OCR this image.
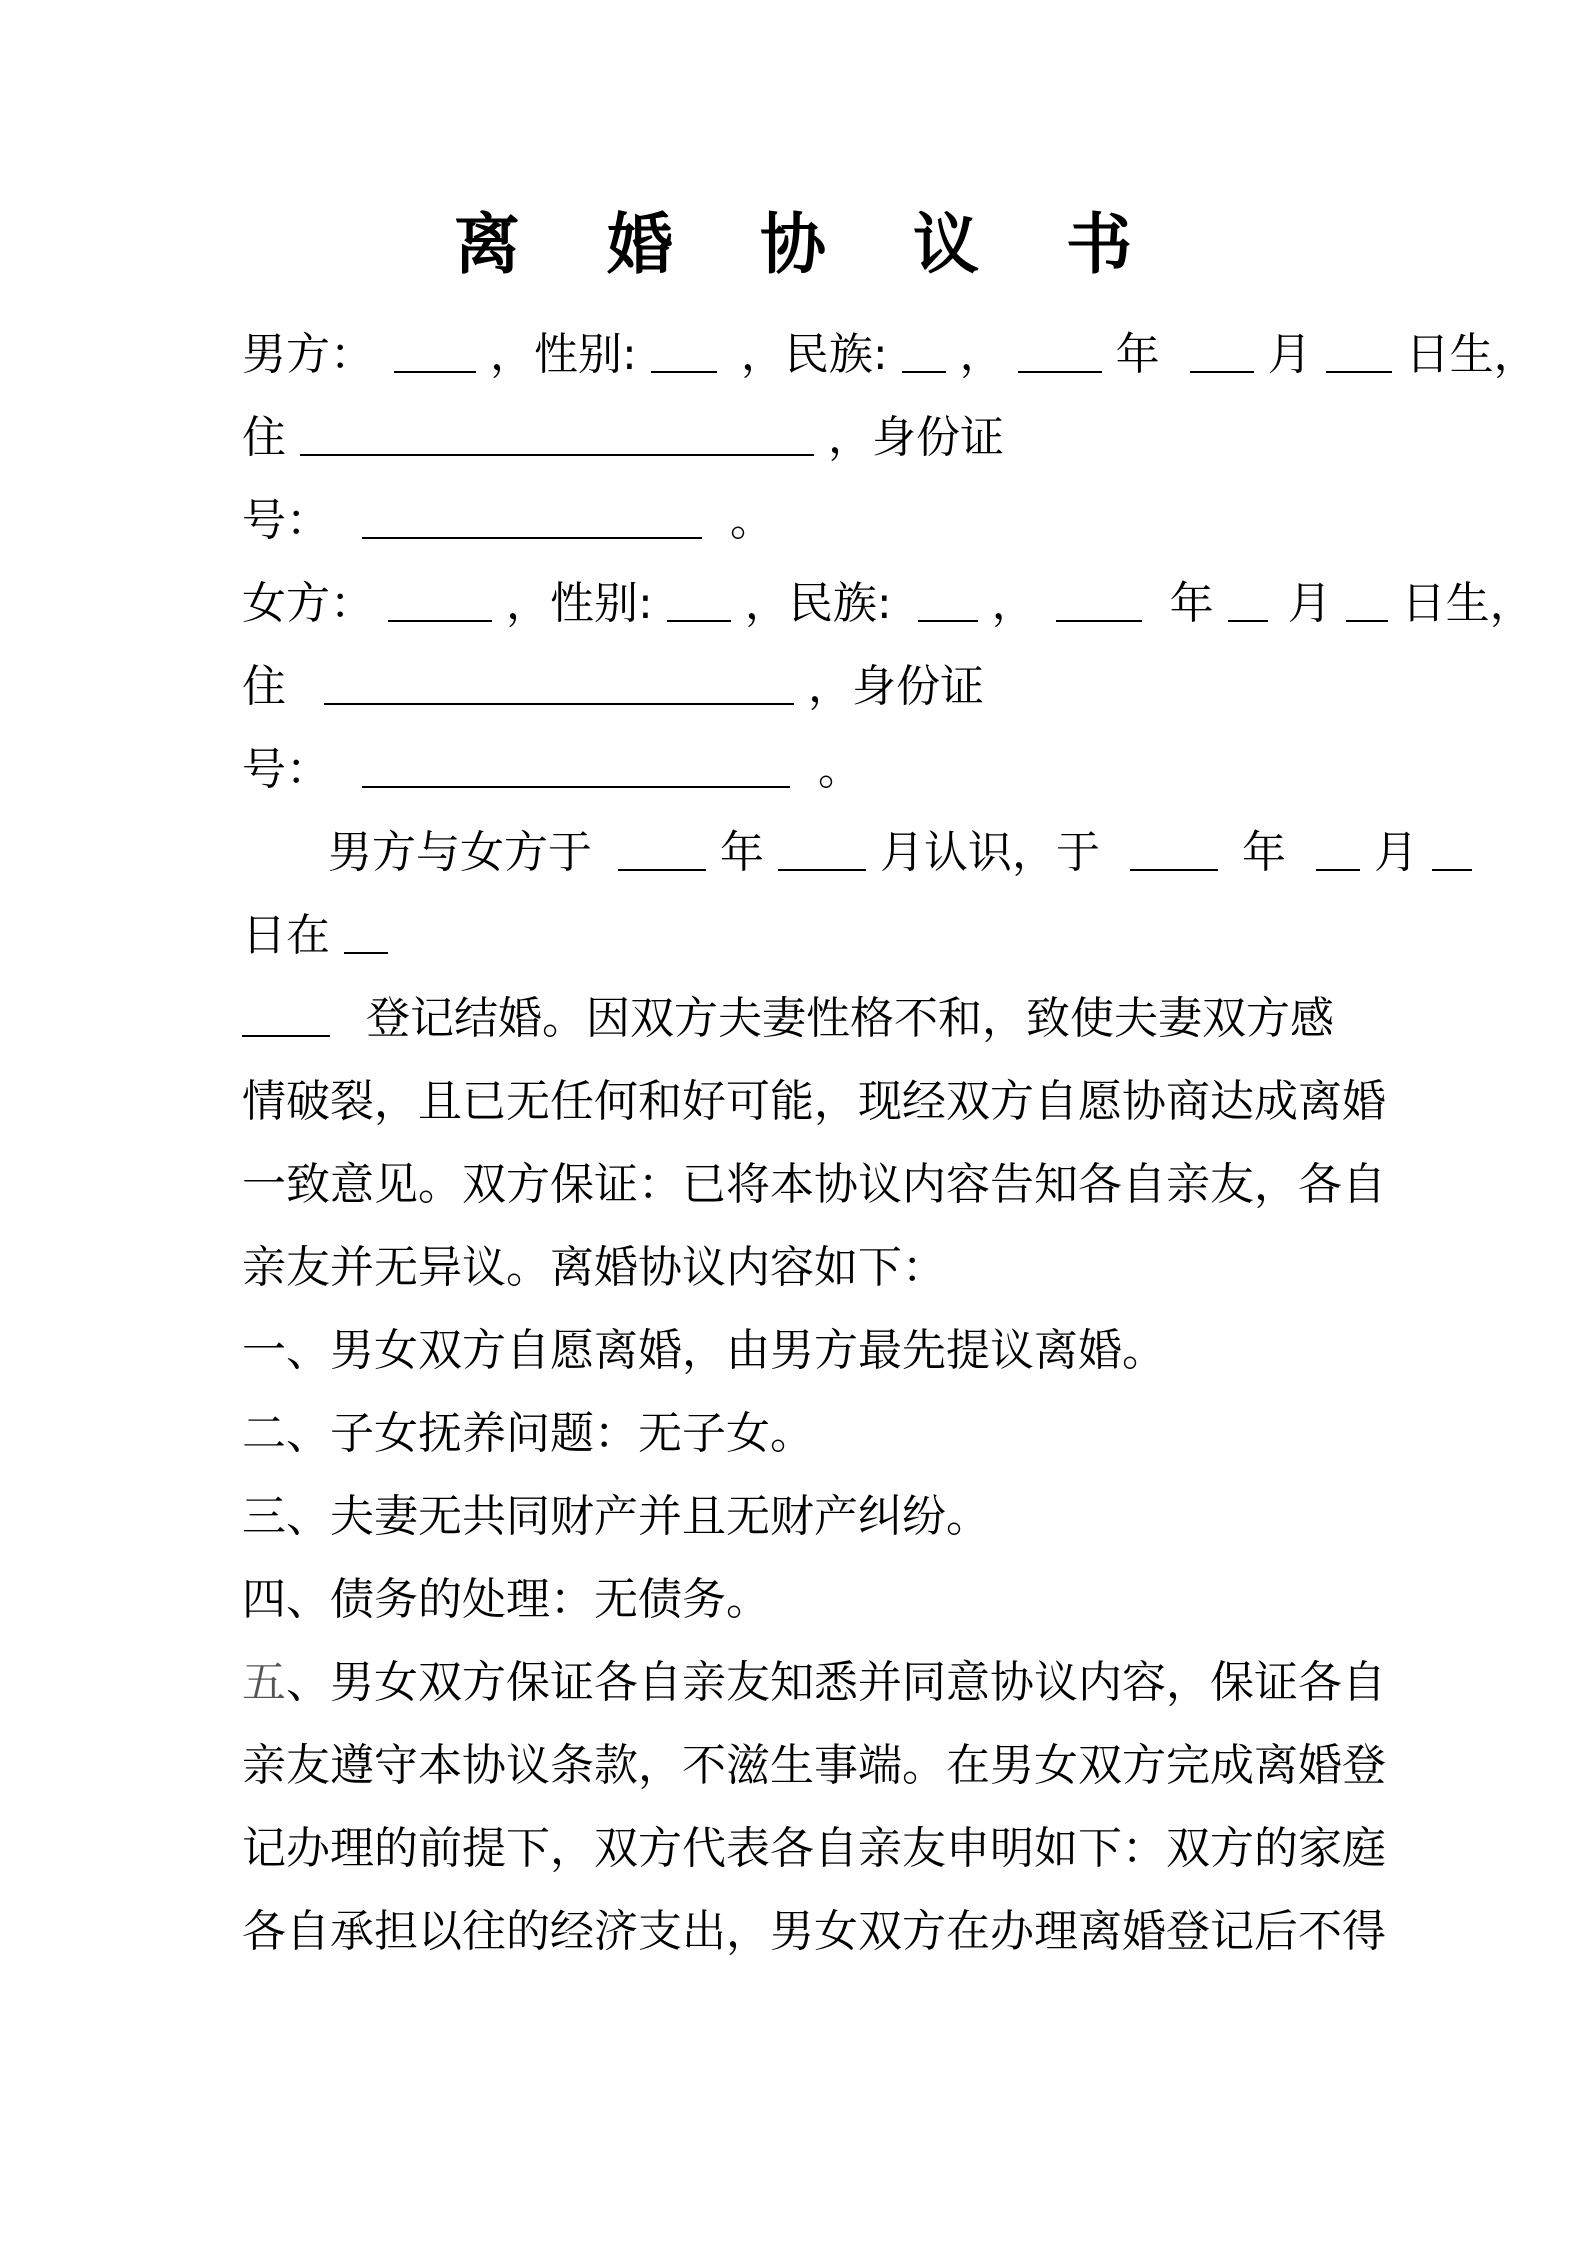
离 婚 协 议 书
男方：	，性别: ，民族: ，	年 月 日生，
住	，身份证
号：	。
女方：	，性别: ，民族: ，	年 月 日生，
住	，身份证
号：	。
男方与女方于	年	月认识，于	年 月
日在
登记结婚。因双方夫妻性格不和，致使夫妻双方感
情破裂，且已无任何和好可能，现经双方自愿协商达成离婚
一致意见。双方保证：已将本协议内容告知各自亲友，各自
亲友并无异议。离婚协议内容如下：
一、男女双方自愿离婚，由男方最先提议离婚。
二、子女抚养问题：无子女。
三、夫妻无共同财产并且无财产纠纷。
四、债务的处理：无债务。
五、男女双方保证各自亲友知悉并同意协议内容，保证各自
亲友遵守本协议条款，不滋生事端。在男女双方完成离婚登
记办理的前提下，双方代表各自亲友申明如下：双方的家庭
各自承担以往的经济支出，男女双方在办理离婚登记后不得
